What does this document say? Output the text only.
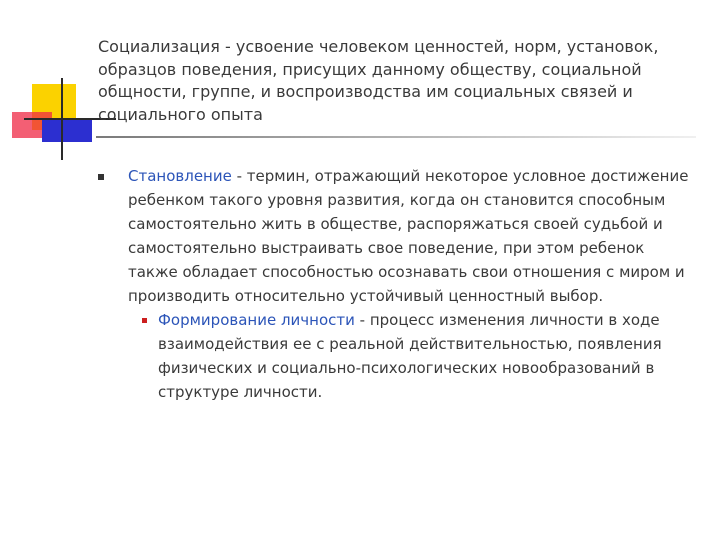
Социализация - усвоение человеком ценностей, норм, установок, образцов поведения, присущих данному обществу, социальной общности, группе, и воспроизводства им социальных связей и социального опыта
Становление - термин, отражающий некоторое условное достижение ребенком такого уровня развития, когда он становится способным самостоятельно жить в обществе, распоряжаться своей судьбой и самостоятельно выстраивать свое поведение, при этом ребенок также обладает способностью осознавать свои отношения с миром и производить относительно устойчивый ценностный выбор.
Формирование личности - процесс изменения личности в ходе взаимодействия ее с реальной действительностью, появления физических и социально-психологических новообразований в структуре личности.
